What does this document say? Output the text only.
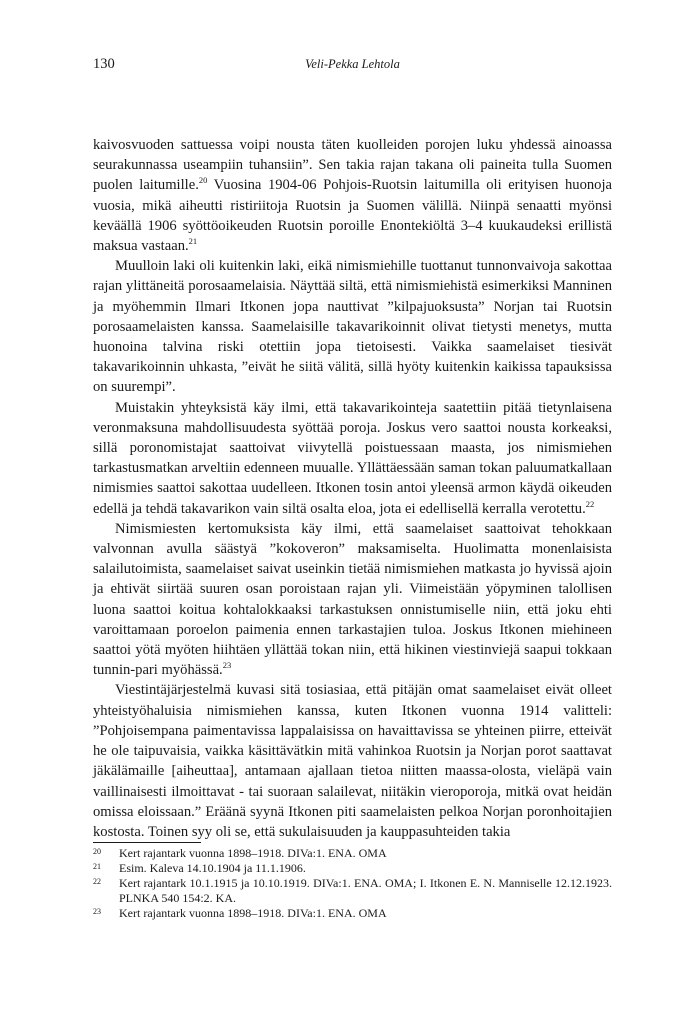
130	Veli-Pekka Lehtola

kaivosvuoden sattuessa voipi nousta täten kuolleiden porojen luku yhdessä ainoassa seurakunnassa useampiin tuhansiin”. Sen takia rajan takana oli paineita tulla Suomen puolen laitumille.$^{20}$ Vuosina 1904-06 Pohjois-Ruotsin laitumilla oli erityisen huonoja vuosia, mikä aiheutti ristiriitoja Ruotsin ja Suomen välillä. Niinpä senaatti myönsi keväällä 1906 syöttöoikeuden Ruotsin poroille Enontekiöltä 3–4 kuukaudeksi erillistä maksua vastaan.$^{21}$

Muulloin laki oli kuitenkin laki, eikä nimismiehille tuottanut tunnonvaivoja sakottaa rajan ylittäneitä porosaamelaisia. Näyttää siltä, että nimismiehistä esimerkiksi Manninen ja myöhemmin Ilmari Itkonen jopa nauttivat ”kilpajuoksusta” Norjan tai Ruotsin porosaamelaisten kanssa. Saamelaisille takavarikoinnit olivat tietysti menetys, mutta huonoina talvina riski otettiin jopa tietoisesti. Vaikka saamelaiset tiesivät takavarikoinnin uhkasta, ”eivät he siitä välitä, sillä hyöty kuitenkin kaikissa tapauksissa on suurempi”.

Muistakin yhteyksistä käy ilmi, että takavarikointeja saatettiin pitää tietynlaisena veronmaksuna mahdollisuudesta syöttää poroja. Joskus vero saattoi nousta korkeaksi, sillä poronomistajat saattoivat viivytellä poistuessaan maasta, jos nimismiehen tarkastusmatkan arveltiin edenneen muualle. Yllättäessään saman tokan paluumatkallaan nimismies saattoi sakottaa uudelleen. Itkonen tosin antoi yleensä armon käydä oikeuden edellä ja tehdä takavarikon vain siltä osalta eloa, jota ei edellisellä kerralla verotettu.$^{22}$

Nimismiesten kertomuksista käy ilmi, että saamelaiset saattoivat tehokkaan valvonnan avulla säästyä ”kokoveron” maksamiselta. Huolimatta monenlaisista salailutoimista, saamelaiset saivat useinkin tietää nimismiehen matkasta jo hyvissä ajoin ja ehtivät siirtää suuren osan poroistaan rajan yli. Viimeistään yöpyminen talollisen luona saattoi koitua kohtalokkaaksi tarkastuksen onnistumiselle niin, että joku ehti varoittamaan poroelon paimenia ennen tarkastajien tuloa. Joskus Itkonen miehineen saattoi yötä myöten hiihtäen yllättää tokan niin, että hikinen viestinviejä saapui tokkaan tunnin-pari myöhässä.$^{23}$

Viestintäjärjestelmä kuvasi sitä tosiasiaa, että pitäjän omat saamelaiset eivät olleet yhteistyöhaluisia nimismiehen kanssa, kuten Itkonen vuonna 1914 valitteli: ”Pohjoisempana paimentavissa lappalaisissa on havaittavissa se yhteinen piirre, etteivät he ole taipuvaisia, vaikka käsittävätkin mitä vahinkoa Ruotsin ja Norjan porot saattavat jäkälämaille [aiheuttaa], antamaan ajallaan tietoa niitten maassa-olosta, vieläpä vain vaillinaisesti ilmoittavat - tai suoraan salailevat, niitäkin vieroporoja, mitkä ovat heidän omissa eloissaan.” Eräänä syynä Itkonen piti saamelaisten pelkoa Norjan poronhoitajien kostosta. Toinen syy oli se, että sukulaisuuden ja kauppasuhteiden takia

20 Kert rajantark vuonna 1898–1918. DIVa:1. ENA. OMA
21 Esim. Kaleva 14.10.1904 ja 11.1.1906.
22 Kert rajantark 10.1.1915 ja 10.10.1919. DIVa:1. ENA. OMA; I. Itkonen E. N. Manniselle 12.12.1923. PLNKA 540 154:2. KA.
23 Kert rajantark vuonna 1898–1918. DIVa:1. ENA. OMA
